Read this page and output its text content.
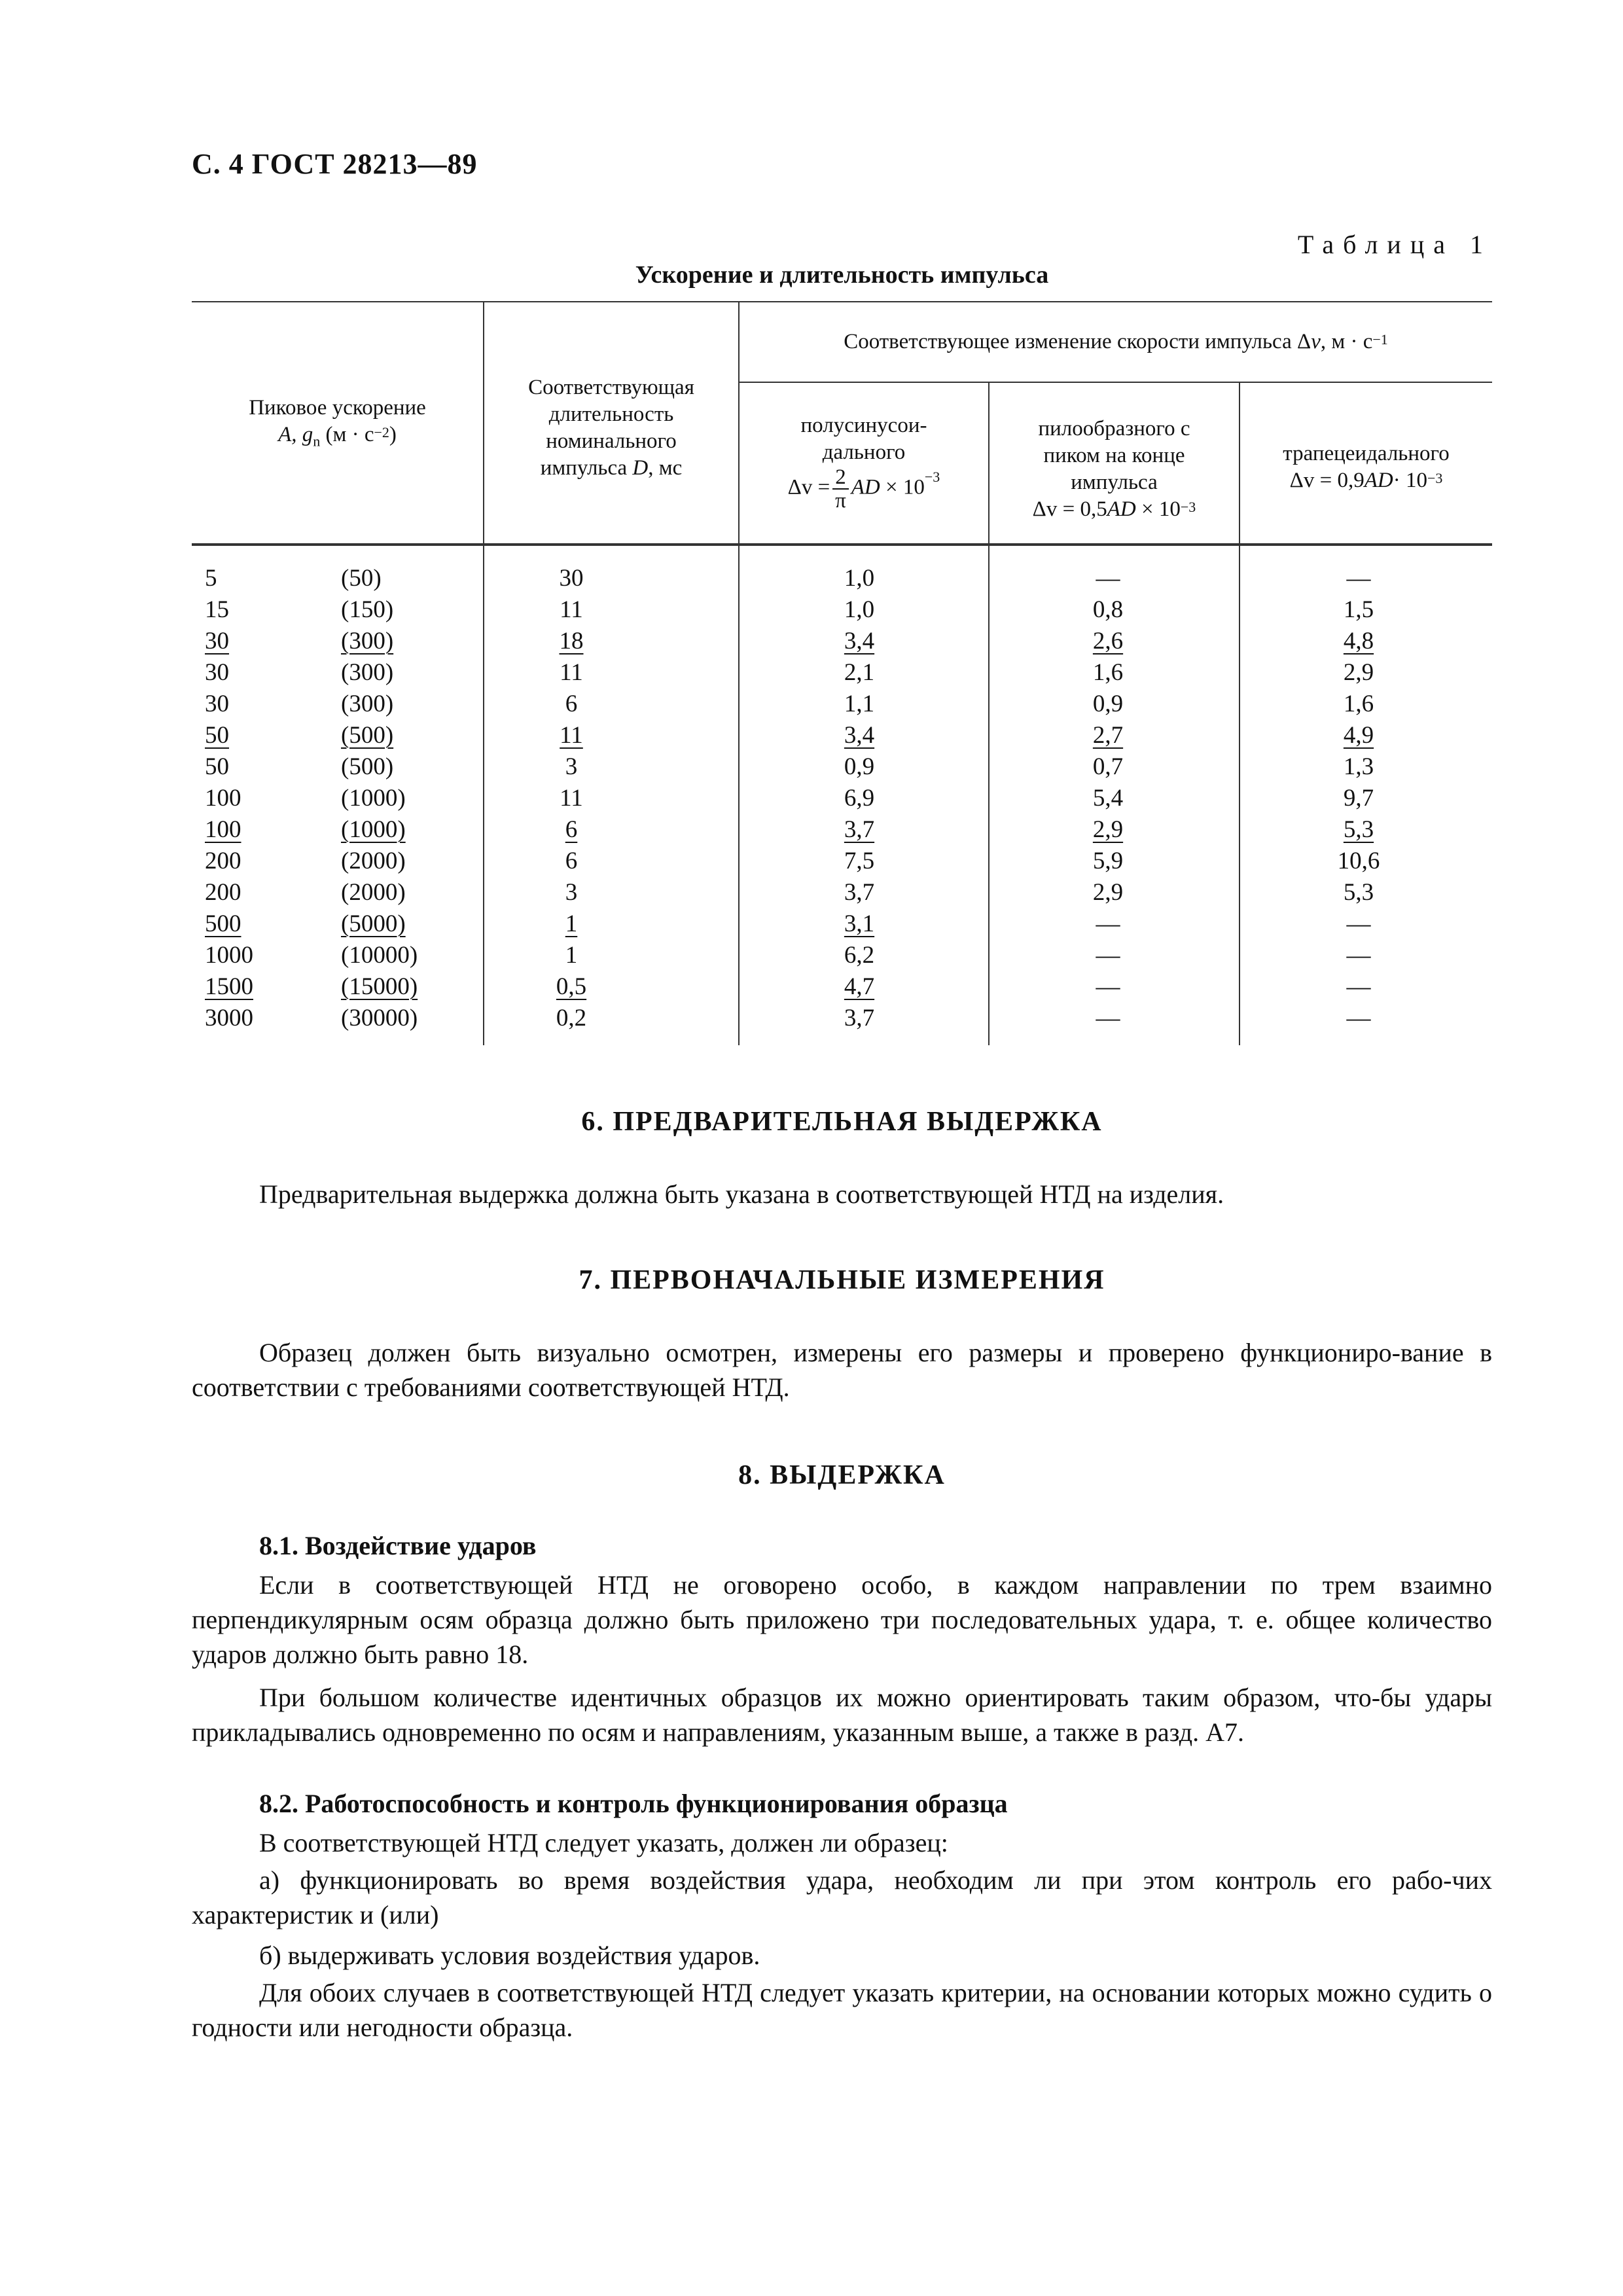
С. 4 ГОСТ 28213—89
Таблица 1
Ускорение и длительность импульса
Пиковое ускорение
A, $g_n$ $(м \cdot с^{-2})$
Соответствующая
длительность
номинального
импульса D, мс
Соответствующее изменение скорости импульса Δv, $м \cdot с^{-1}$
полусинусои-
дального
$\Delta v = \frac{2}{\pi}$ AD × $10^{-3}$
пилообразного с
пиком на конце
импульса
$\Delta v = 0,5AD \times 10^{-3}$
трапецеидального
$\Delta v = 0,9AD\cdot 10^{-3}$
5	(50)	30	1,0	—	—
15	(150)	11	1,0	0,8	1,5
30	(300)	18	3,4	2,6	4,8
30	(300)	11	2,1	1,6	2,9
30	(300)	6	1,1	0,9	1,6
50	(500)	11	3,4	2,7	4,9
50	(500)	3	0,9	0,7	1,3
100	(1000)	11	6,9	5,4	9,7
100	(1000)	6	3,7	2,9	5,3
200	(2000)	6	7,5	5,9	10,6
200	(2000)	3	3,7	2,9	5,3
500	(5000)	1	3,1	—	—
1000	(10000)	1	6,2	—	—
1500	(15000)	0,5	4,7	—	—
3000	(30000)	0,2	3,7	—	—
6. ПРЕДВАРИТЕЛЬНАЯ ВЫДЕРЖКА
Предварительная выдержка должна быть указана в соответствующей НТД на изделия.
7. ПЕРВОНАЧАЛЬНЫЕ ИЗМЕРЕНИЯ
Образец должен быть визуально осмотрен, измерены его размеры и проверено функциониро-вание в соответствии с требованиями соответствующей НТД.
8. ВЫДЕРЖКА
8.1. Воздействие ударов
Если в соответствующей НТД не оговорено особо, в каждом направлении по трем взаимно перпендикулярным осям образца должно быть приложено три последовательных удара, т. е. общее количество ударов должно быть равно 18.
При большом количестве идентичных образцов их можно ориентировать таким образом, что-бы удары прикладывались одновременно по осям и направлениям, указанным выше, а также в разд. А7.
8.2. Работоспособность и контроль функционирования образца
В соответствующей НТД следует указать, должен ли образец:
а) функционировать во время воздействия удара, необходим ли при этом контроль его рабо-чих характеристик и (или)
б) выдерживать условия воздействия ударов.
Для обоих случаев в соответствующей НТД следует указать критерии, на основании которых можно судить о годности или негодности образца.
